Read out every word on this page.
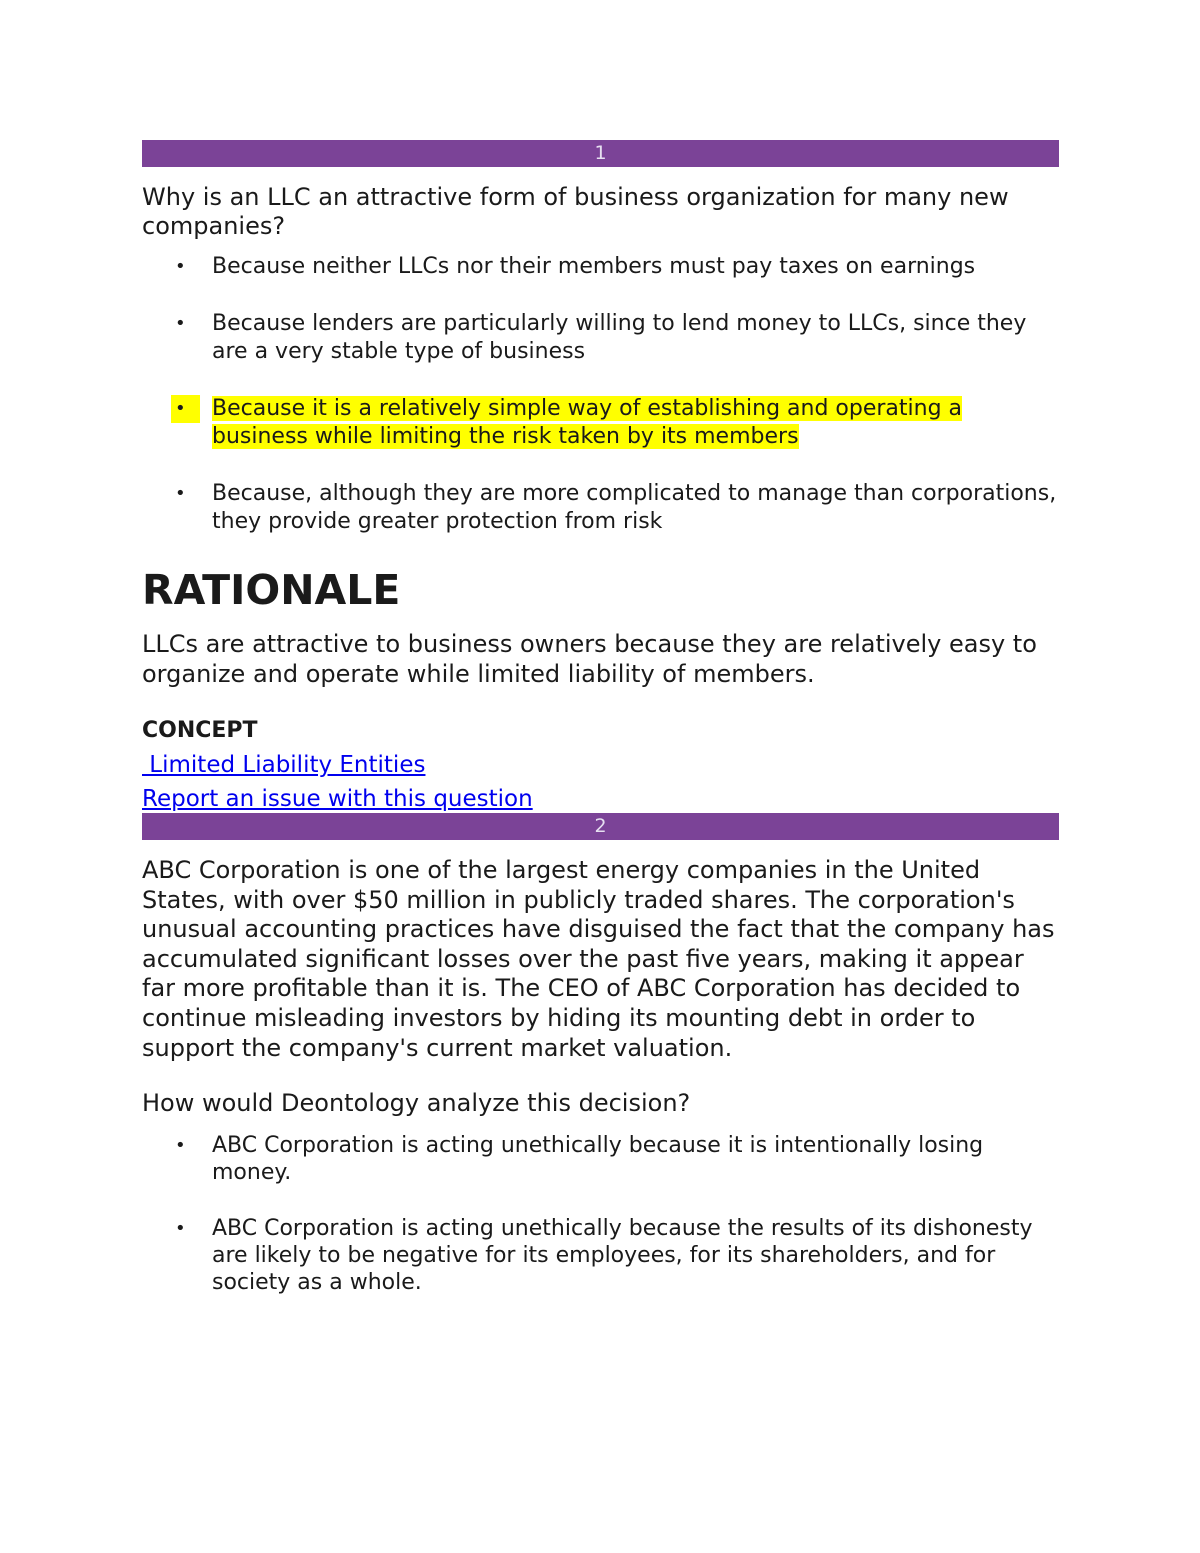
1
Why is an LLC an attractive form of business organization for many new companies?
• Because neither LLCs nor their members must pay taxes on earnings
• Because lenders are particularly willing to lend money to LLCs, since they are a very stable type of business
•	Because it is a relatively simple way of establishing and operating a business while limiting the risk taken by its members
• Because, although they are more complicated to manage than corporations, they provide greater protection from risk
RATIONALE
LLCs are attractive to business owners because they are relatively easy to organize and operate while limited liability of members.
CONCEPT
Limited Liability Entities
Report an issue with this question
2
ABC Corporation is one of the largest energy companies in the United States, with over $50 million in publicly traded shares. The corporation's unusual accounting practices have disguised the fact that the company has accumulated significant losses over the past five years, making it appear far more profitable than it is. The CEO of ABC Corporation has decided to continue misleading investors by hiding its mounting debt in order to support the company's current market valuation.
How would Deontology analyze this decision?
• ABC Corporation is acting unethically because it is intentionally losing money.
• ABC Corporation is acting unethically because the results of its dishonesty are likely to be negative for its employees, for its shareholders, and for society as a whole.
